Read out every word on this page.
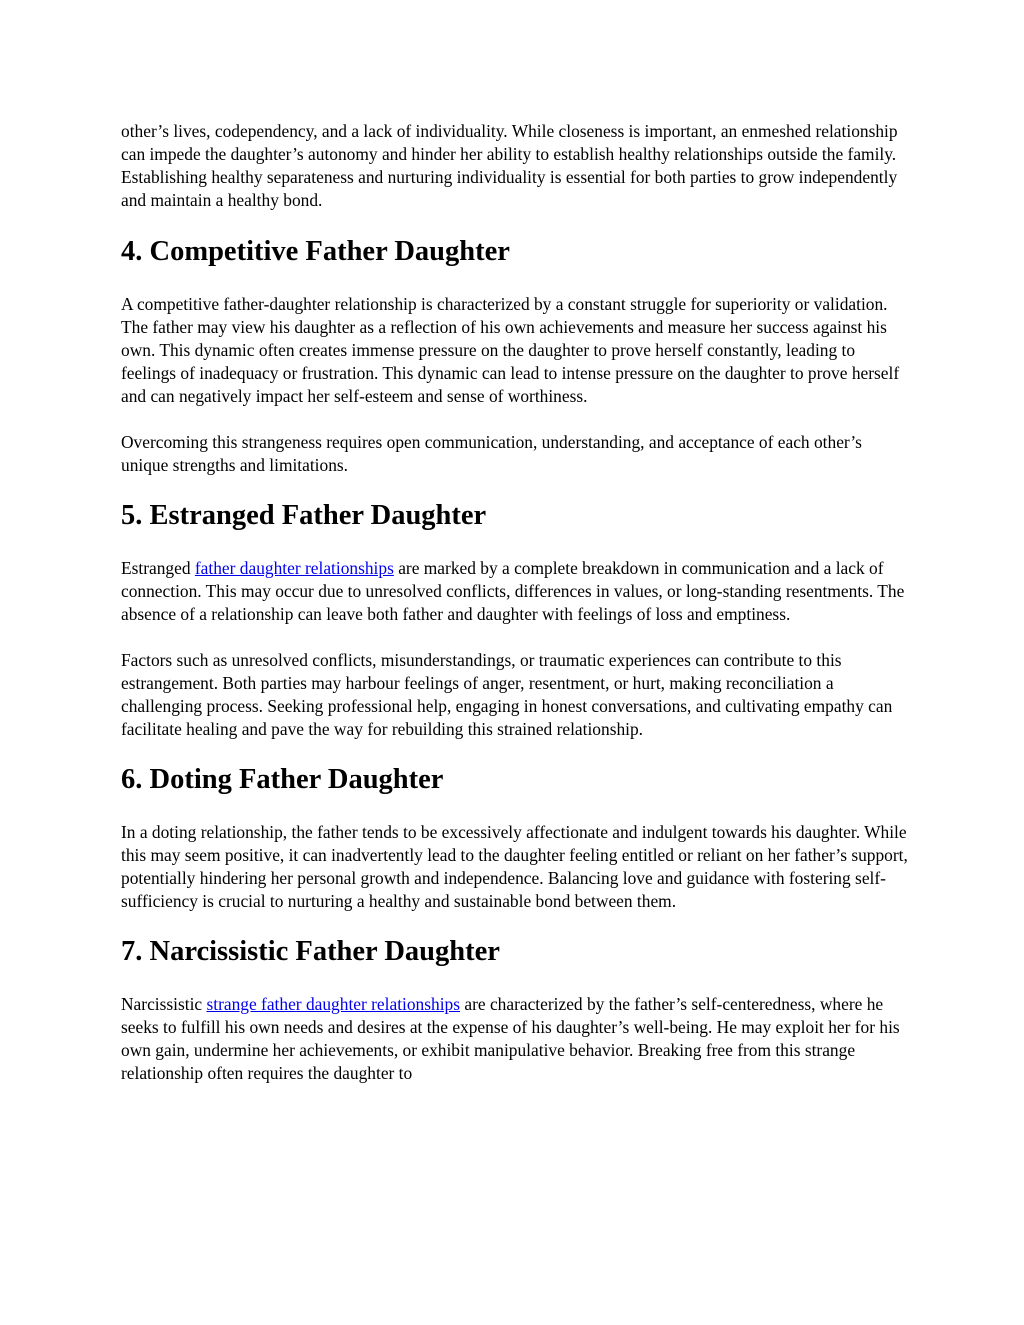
other’s lives, codependency, and a lack of individuality. While closeness is important, an enmeshed relationship can impede the daughter’s autonomy and hinder her ability to establish healthy relationships outside the family. Establishing healthy separateness and nurturing individuality is essential for both parties to grow independently and maintain a healthy bond.

4. Competitive Father Daughter

A competitive father-daughter relationship is characterized by a constant struggle for superiority or validation. The father may view his daughter as a reflection of his own achievements and measure her success against his own. This dynamic often creates immense pressure on the daughter to prove herself constantly, leading to feelings of inadequacy or frustration. This dynamic can lead to intense pressure on the daughter to prove herself and can negatively impact her self-esteem and sense of worthiness.

Overcoming this strangeness requires open communication, understanding, and acceptance of each other’s unique strengths and limitations.

5. Estranged Father Daughter

Estranged father daughter relationships are marked by a complete breakdown in communication and a lack of connection. This may occur due to unresolved conflicts, differences in values, or long-standing resentments. The absence of a relationship can leave both father and daughter with feelings of loss and emptiness.

Factors such as unresolved conflicts, misunderstandings, or traumatic experiences can contribute to this estrangement. Both parties may harbour feelings of anger, resentment, or hurt, making reconciliation a challenging process. Seeking professional help, engaging in honest conversations, and cultivating empathy can facilitate healing and pave the way for rebuilding this strained relationship.

6. Doting Father Daughter

In a doting relationship, the father tends to be excessively affectionate and indulgent towards his daughter. While this may seem positive, it can inadvertently lead to the daughter feeling entitled or reliant on her father’s support, potentially hindering her personal growth and independence. Balancing love and guidance with fostering self-sufficiency is crucial to nurturing a healthy and sustainable bond between them.

7. Narcissistic Father Daughter

Narcissistic strange father daughter relationships are characterized by the father’s self-centeredness, where he seeks to fulfill his own needs and desires at the expense of his daughter’s well-being. He may exploit her for his own gain, undermine her achievements, or exhibit manipulative behavior. Breaking free from this strange relationship often requires the daughter to
